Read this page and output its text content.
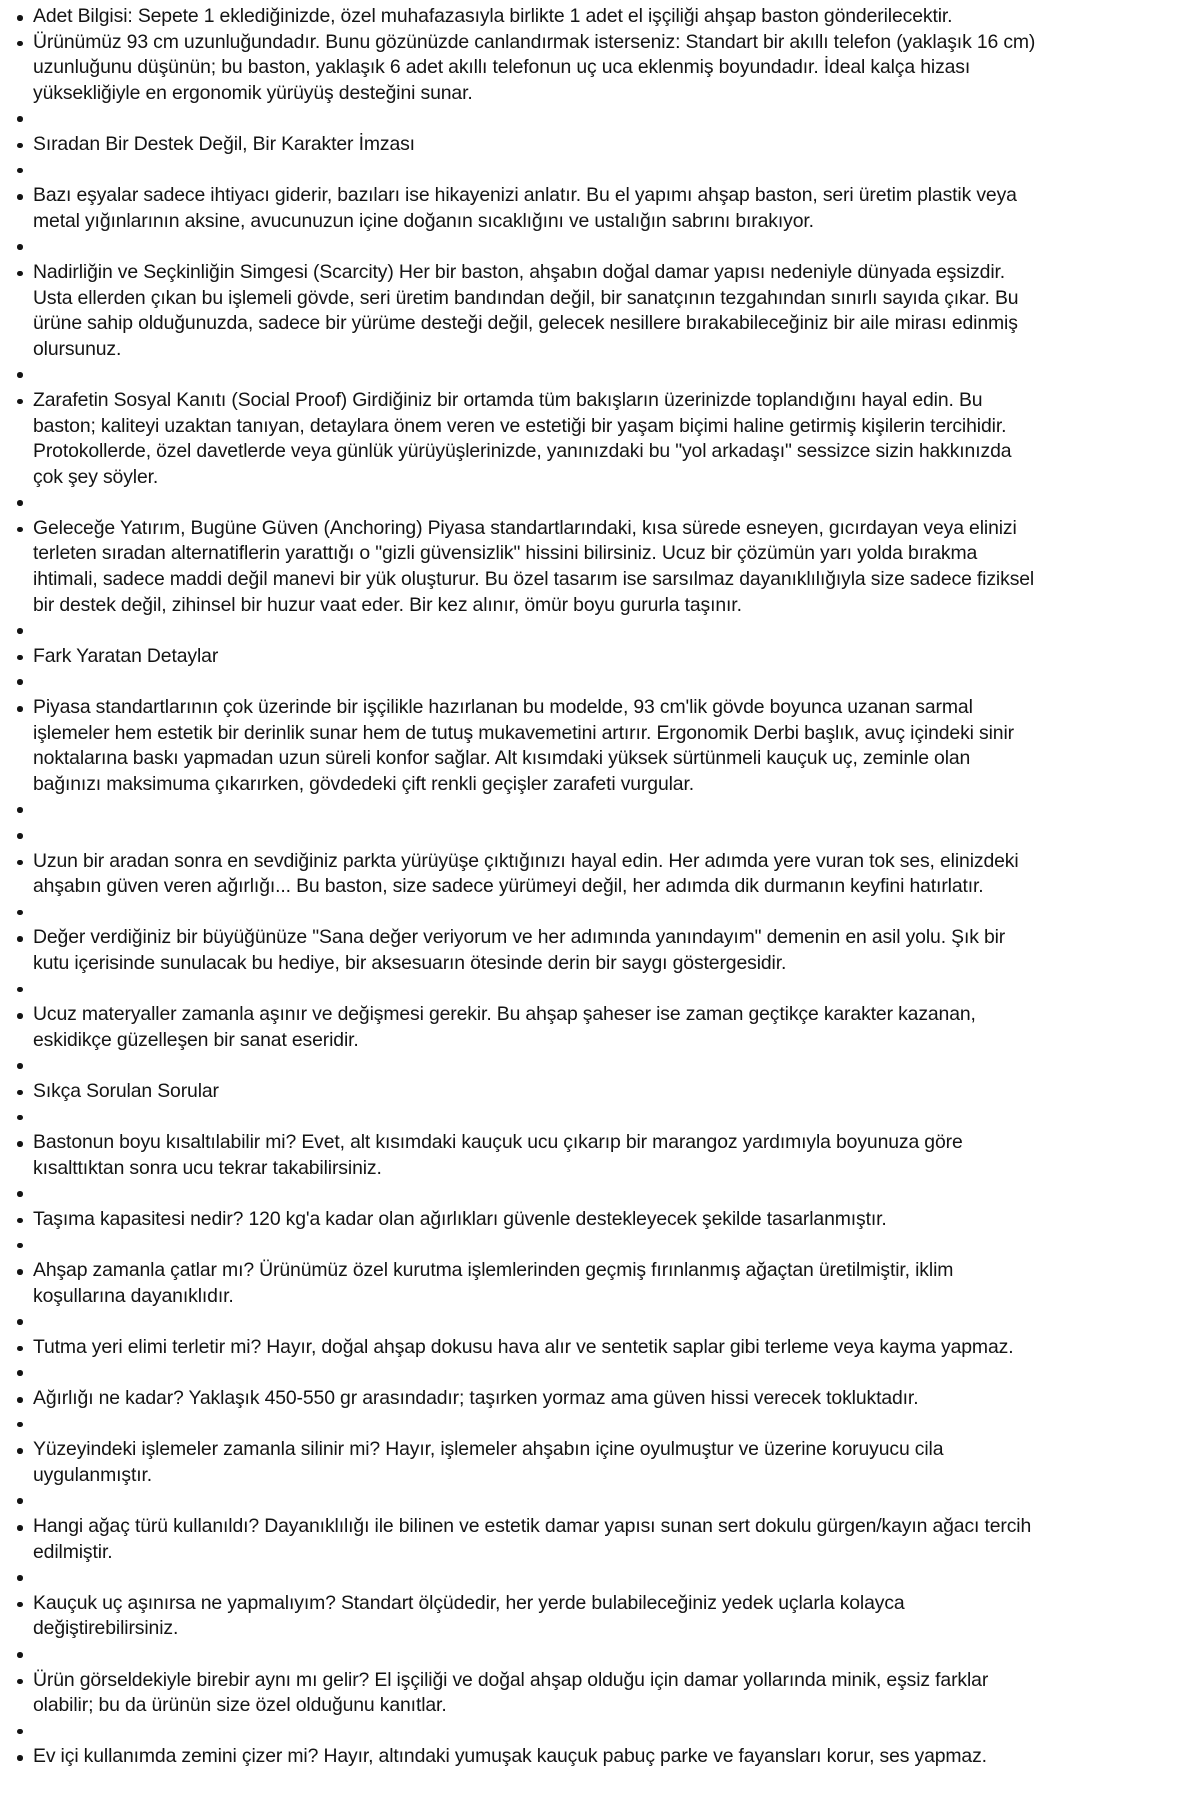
Adet Bilgisi: Sepete 1 eklediğinizde, özel muhafazasıyla birlikte 1 adet el işçiliği ahşap baston gönderilecektir.
Ürünümüz 93 cm uzunluğundadır. Bunu gözünüzde canlandırmak isterseniz: Standart bir akıllı telefon (yaklaşık 16 cm) uzunluğunu düşünün; bu baston, yaklaşık 6 adet akıllı telefonun uç uca eklenmiş boyundadır. İdeal kalça hizası yüksekliğiyle en ergonomik yürüyüş desteğini sunar.
Sıradan Bir Destek Değil, Bir Karakter İmzası
Bazı eşyalar sadece ihtiyacı giderir, bazıları ise hikayenizi anlatır. Bu el yapımı ahşap baston, seri üretim plastik veya metal yığınlarının aksine, avucunuzun içine doğanın sıcaklığını ve ustalığın sabrını bırakıyor.
Nadirliğin ve Seçkinliğin Simgesi (Scarcity) Her bir baston, ahşabın doğal damar yapısı nedeniyle dünyada eşsizdir. Usta ellerden çıkan bu işlemeli gövde, seri üretim bandından değil, bir sanatçının tezgahından sınırlı sayıda çıkar. Bu ürüne sahip olduğunuzda, sadece bir yürüme desteği değil, gelecek nesillere bırakabileceğiniz bir aile mirası edinmiş olursunuz.
Zarafetin Sosyal Kanıtı (Social Proof) Girdiğiniz bir ortamda tüm bakışların üzerinizde toplandığını hayal edin. Bu baston; kaliteyi uzaktan tanıyan, detaylara önem veren ve estetiği bir yaşam biçimi haline getirmiş kişilerin tercihidir. Protokollerde, özel davetlerde veya günlük yürüyüşlerinizde, yanınızdaki bu "yol arkadaşı" sessizce sizin hakkınızda çok şey söyler.
Geleceğe Yatırım, Bugüne Güven (Anchoring) Piyasa standartlarındaki, kısa sürede esneyen, gıcırdayan veya elinizi terleten sıradan alternatiflerin yarattığı o "gizli güvensizlik" hissini bilirsiniz. Ucuz bir çözümün yarı yolda bırakma ihtimali, sadece maddi değil manevi bir yük oluşturur. Bu özel tasarım ise sarsılmaz dayanıklılığıyla size sadece fiziksel bir destek değil, zihinsel bir huzur vaat eder. Bir kez alınır, ömür boyu gururla taşınır.
Fark Yaratan Detaylar
Piyasa standartlarının çok üzerinde bir işçilikle hazırlanan bu modelde, 93 cm'lik gövde boyunca uzanan sarmal işlemeler hem estetik bir derinlik sunar hem de tutuş mukavemetini artırır. Ergonomik Derbi başlık, avuç içindeki sinir noktalarına baskı yapmadan uzun süreli konfor sağlar. Alt kısımdaki yüksek sürtünmeli kauçuk uç, zeminle olan bağınızı maksimuma çıkarırken, gövdedeki çift renkli geçişler zarafeti vurgular.
Uzun bir aradan sonra en sevdiğiniz parkta yürüyüşe çıktığınızı hayal edin. Her adımda yere vuran tok ses, elinizdeki ahşabın güven veren ağırlığı... Bu baston, size sadece yürümeyi değil, her adımda dik durmanın keyfini hatırlatır.
Değer verdiğiniz bir büyüğünüze "Sana değer veriyorum ve her adımında yanındayım" demenin en asil yolu. Şık bir kutu içerisinde sunulacak bu hediye, bir aksesuarın ötesinde derin bir saygı göstergesidir.
Ucuz materyaller zamanla aşınır ve değişmesi gerekir. Bu ahşap şaheser ise zaman geçtikçe karakter kazanan, eskidikçe güzelleşen bir sanat eseridir.
Sıkça Sorulan Sorular
Bastonun boyu kısaltılabilir mi? Evet, alt kısımdaki kauçuk ucu çıkarıp bir marangoz yardımıyla boyunuza göre kısalttıktan sonra ucu tekrar takabilirsiniz.
Taşıma kapasitesi nedir? 120 kg'a kadar olan ağırlıkları güvenle destekleyecek şekilde tasarlanmıştır.
Ahşap zamanla çatlar mı? Ürünümüz özel kurutma işlemlerinden geçmiş fırınlanmış ağaçtan üretilmiştir, iklim koşullarına dayanıklıdır.
Tutma yeri elimi terletir mi? Hayır, doğal ahşap dokusu hava alır ve sentetik saplar gibi terleme veya kayma yapmaz.
Ağırlığı ne kadar? Yaklaşık 450-550 gr arasındadır; taşırken yormaz ama güven hissi verecek tokluktadır.
Yüzeyindeki işlemeler zamanla silinir mi? Hayır, işlemeler ahşabın içine oyulmuştur ve üzerine koruyucu cila uygulanmıştır.
Hangi ağaç türü kullanıldı? Dayanıklılığı ile bilinen ve estetik damar yapısı sunan sert dokulu gürgen/kayın ağacı tercih edilmiştir.
Kauçuk uç aşınırsa ne yapmalıyım? Standart ölçüdedir, her yerde bulabileceğiniz yedek uçlarla kolayca değiştirebilirsiniz.
Ürün görseldekiyle birebir aynı mı gelir? El işçiliği ve doğal ahşap olduğu için damar yollarında minik, eşsiz farklar olabilir; bu da ürünün size özel olduğunu kanıtlar.
Ev içi kullanımda zemini çizer mi? Hayır, altındaki yumuşak kauçuk pabuç parke ve fayansları korur, ses yapmaz.
